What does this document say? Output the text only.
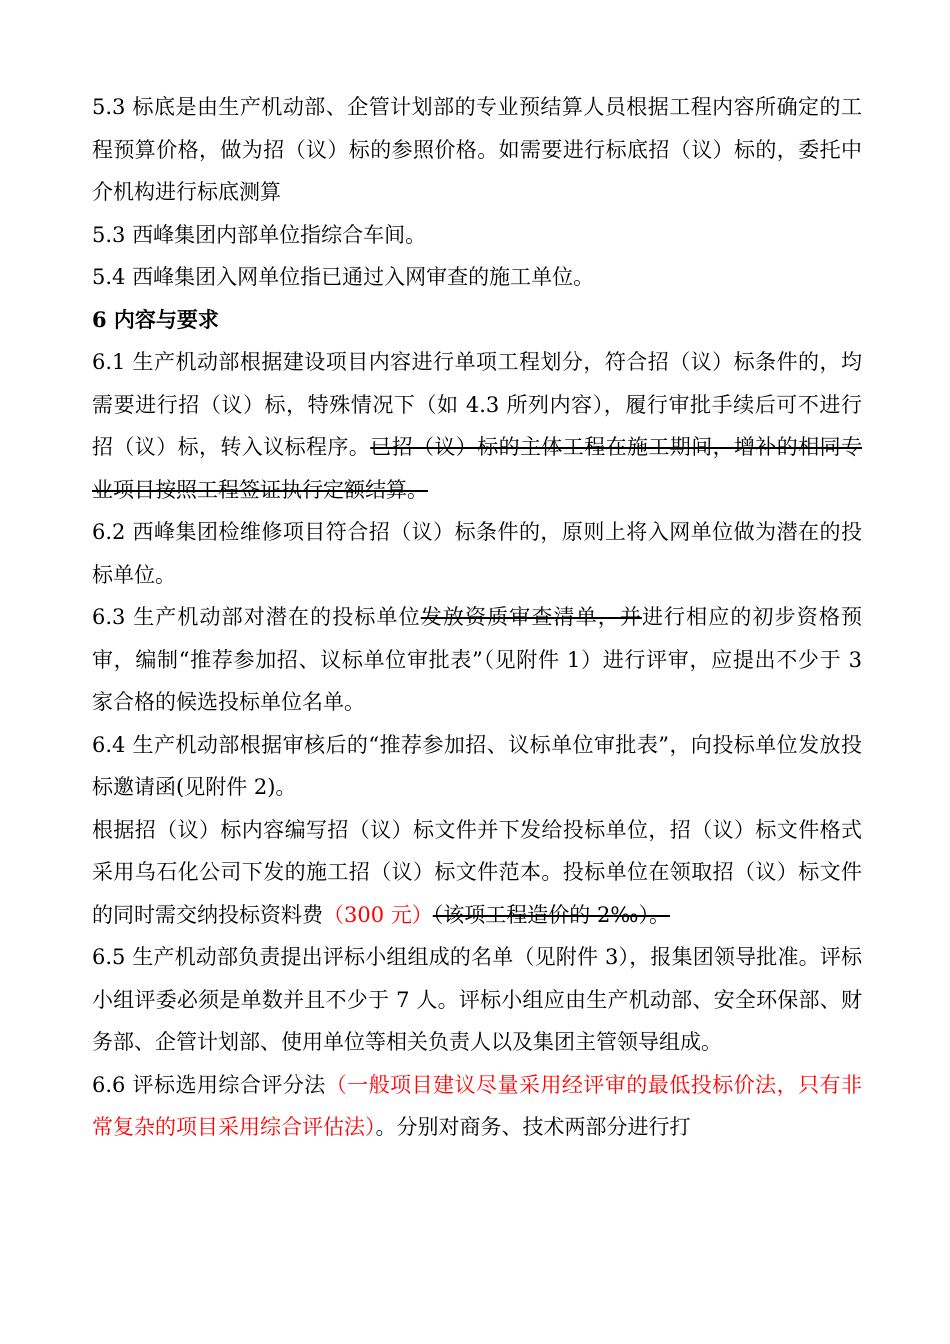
5.3 标底是由生产机动部、企管计划部的专业预结算人员根据工程内容所确定的工程预算价格，做为招（议）标的参照价格。如需要进行标底招（议）标的，委托中介机构进行标底测算

5.3 西峰集团内部单位指综合车间。

5.4 西峰集团入网单位指已通过入网审查的施工单位。

6 内容与要求

6.1 生产机动部根据建设项目内容进行单项工程划分，符合招（议）标条件的，均需要进行招（议）标，特殊情况下（如 4.3 所列内容），履行审批手续后可不进行招（议）标，转入议标程序。已招（议）标的主体工程在施工期间，增补的相同专业项目按照工程签证执行定额结算。

6.2 西峰集团检维修项目符合招（议）标条件的，原则上将入网单位做为潜在的投标单位。

6.3 生产机动部对潜在的投标单位发放资质审查清单，并进行相应的初步资格预审，编制“推荐参加招、议标单位审批表”（见附件 1）进行评审，应提出不少于 3 家合格的候选投标单位名单。

6.4 生产机动部根据审核后的“推荐参加招、议标单位审批表”，向投标单位发放投标邀请函(见附件 2)。

根据招（议）标内容编写招（议）标文件并下发给投标单位，招（议）标文件格式采用乌石化公司下发的施工招（议）标文件范本。投标单位在领取招（议）标文件的同时需交纳投标资料费（300 元）（该项工程造价的 2‰）。

6.5 生产机动部负责提出评标小组组成的名单（见附件 3），报集团领导批准。评标小组评委必须是单数并且不少于 7 人。评标小组应由生产机动部、安全环保部、财务部、企管计划部、使用单位等相关负责人以及集团主管领导组成。

6.6 评标选用综合评分法（一般项目建议尽量采用经评审的最低投标价法，只有非常复杂的项目采用综合评估法）。分别对商务、技术两部分进行打
